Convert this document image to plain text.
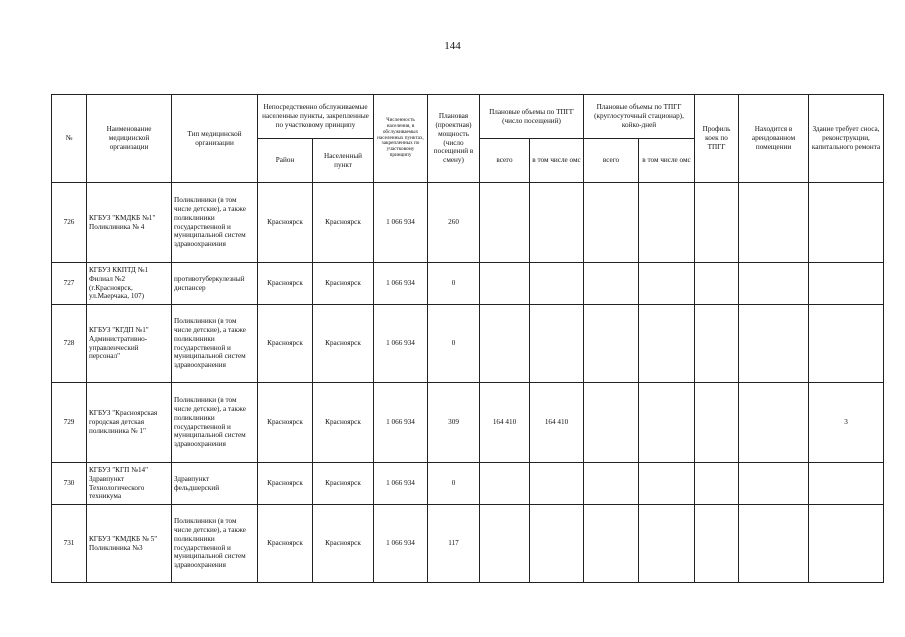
144
№	Наименование медицинской организации	Тип медицинской организации	Непосредственно обслуживаемые населенные пункты, закрепленные по участковому принципу		Численность населения, в обслуживаемых населенных пунктах, закрепленных по участковому принципу	Плановая (проектная) мощность (число посещений в смену)	Плановые объемы по ТПГГ (число посещений)		Плановые объемы по ТПГГ (круглосуточный стационар), койко-дней		Профиль коек по ТПГГ	Находится в арендованном помещении	Здание требует сноса, реконструкции, капитального ремонта
			Район	Населенный пункт			всего	в том числе омс	всего	в том числе омс			
726	КГБУЗ "КМДКБ №1" Поликлиника № 4	Поликлиники (в том числе детские), а также поликлиники государственной и муниципальной систем здравоохранения	Красноярск	Красноярск	1 066 934	260							
727	КГБУЗ ККПТД №1 Филиал №2 (г.Красноярск, ул.Маерчака, 107)	противотуберкулезный диспансер	Красноярск	Красноярск	1 066 934	0							
728	КГБУЗ "КГДП №1" Административно-управленческий персонал"	Поликлиники (в том числе детские), а также поликлиники государственной и муниципальной систем здравоохранения	Красноярск	Красноярск	1 066 934	0							
729	КГБУЗ "Красноярская городская детская поликлиника № 1"	Поликлиники (в том числе детские), а также поликлиники государственной и муниципальной систем здравоохранения	Красноярск	Красноярск	1 066 934	309	164 410	164 410					3
730	КГБУЗ "КГП №14" Здравпункт Технологического техникума	Здравпункт фельдшерский	Красноярск	Красноярск	1 066 934	0							
731	КГБУЗ "КМДКБ № 5" Поликлиника №3	Поликлиники (в том числе детские), а также поликлиники государственной и муниципальной систем здравоохранения	Красноярск	Красноярск	1 066 934	117							
